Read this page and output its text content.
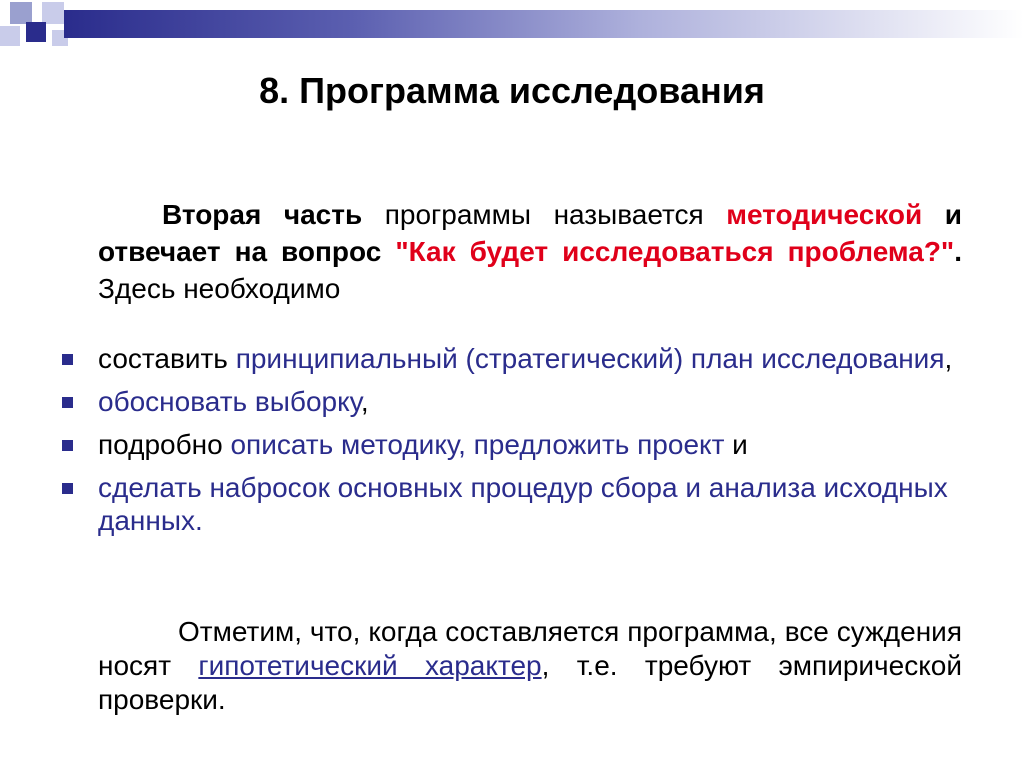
8. Программа исследования
Вторая часть программы называется методической и отвечает на вопрос "Как будет исследоваться проблема?". Здесь необходимо
составить принципиальный (стратегический) план исследования,
обосновать выборку,
подробно описать методику, предложить проект и
сделать набросок основных процедур сбора и анализа исходных данных.
Отметим, что, когда составляется программа, все суждения носят гипотетический характер, т.е. требуют эмпирической проверки.
